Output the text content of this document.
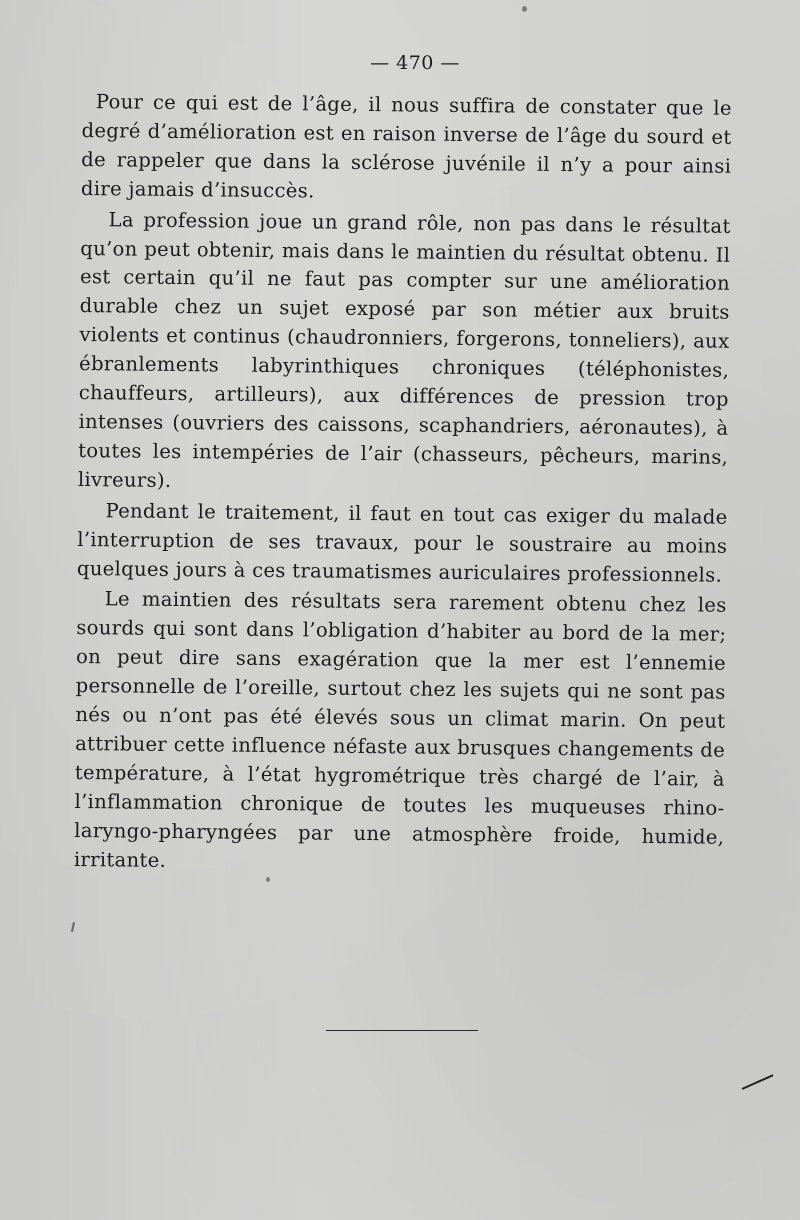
— 470 —

Pour ce qui est de l’âge, il nous suffira de constater que le degré d’amélioration est en raison inverse de l’âge du sourd et de rappeler que dans la sclérose juvénile il n’y a pour ainsi dire jamais d’insuccès.

La profession joue un grand rôle, non pas dans le résultat qu’on peut obtenir, mais dans le maintien du résultat obtenu. Il est certain qu’il ne faut pas compter sur une amélioration durable chez un sujet exposé par son métier aux bruits violents et continus (chaudronniers, forgerons, tonneliers), aux ébranlements labyrinthiques chroniques (téléphonistes, chauffeurs, artilleurs), aux différences de pression trop intenses (ouvriers des caissons, scaphandriers, aéronautes), à toutes les intempéries de l’air (chasseurs, pêcheurs, marins, livreurs).

Pendant le traitement, il faut en tout cas exiger du malade l’interruption de ses travaux, pour le soustraire au moins quelques jours à ces traumatismes auriculaires professionnels.

Le maintien des résultats sera rarement obtenu chez les sourds qui sont dans l’obligation d’habiter au bord de la mer; on peut dire sans exagération que la mer est l’ennemie personnelle de l’oreille, surtout chez les sujets qui ne sont pas nés ou n’ont pas été élevés sous un climat marin. On peut attribuer cette influence néfaste aux brusques changements de température, à l’état hygrométrique très chargé de l’air, à l’inflammation chronique de toutes les muqueuses rhino-laryngo-pharyngées par une atmosphère froide, humide, irritante.
